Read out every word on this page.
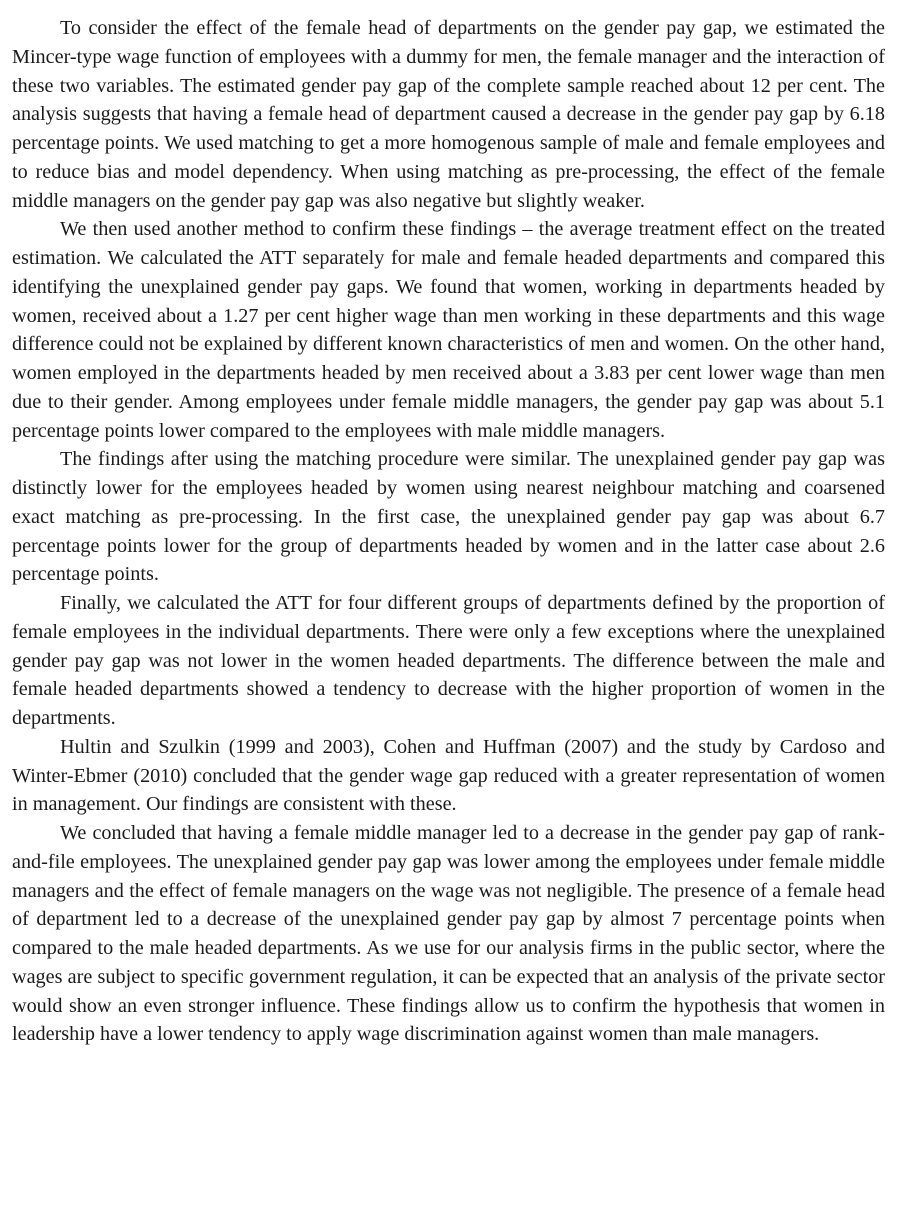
To consider the effect of the female head of departments on the gender pay gap, we estimated the Mincer-type wage function of employees with a dummy for men, the female manager and the interaction of these two variables. The estimated gender pay gap of the complete sample reached about 12 per cent. The analysis suggests that having a female head of department caused a decrease in the gender pay gap by 6.18 percentage points. We used matching to get a more homogenous sample of male and female employees and to reduce bias and model dependency. When using matching as pre-processing, the effect of the female middle managers on the gender pay gap was also negative but slightly weaker.

We then used another method to confirm these findings – the average treatment effect on the treated estimation. We calculated the ATT separately for male and female headed departments and compared this identifying the unexplained gender pay gaps. We found that women, working in departments headed by women, received about a 1.27 per cent higher wage than men working in these departments and this wage difference could not be explained by different known characteristics of men and women. On the other hand, women employed in the departments headed by men received about a 3.83 per cent lower wage than men due to their gender. Among employees under female middle managers, the gender pay gap was about 5.1 percentage points lower compared to the employees with male middle managers.

The findings after using the matching procedure were similar. The unexplained gender pay gap was distinctly lower for the employees headed by women using nearest neighbour matching and coarsened exact matching as pre-processing. In the first case, the unexplained gender pay gap was about 6.7 percentage points lower for the group of departments headed by women and in the latter case about 2.6 percentage points.

Finally, we calculated the ATT for four different groups of departments defined by the proportion of female employees in the individual departments. There were only a few exceptions where the unexplained gender pay gap was not lower in the women headed departments. The difference between the male and female headed departments showed a tendency to decrease with the higher proportion of women in the departments.

Hultin and Szulkin (1999 and 2003), Cohen and Huffman (2007) and the study by Cardoso and Winter-Ebmer (2010) concluded that the gender wage gap reduced with a greater representation of women in management. Our findings are consistent with these.

We concluded that having a female middle manager led to a decrease in the gender pay gap of rank-and-file employees. The unexplained gender pay gap was lower among the employees under female middle managers and the effect of female managers on the wage was not negligible. The presence of a female head of department led to a decrease of the unexplained gender pay gap by almost 7 percentage points when compared to the male headed departments. As we use for our analysis firms in the public sector, where the wages are subject to specific government regulation, it can be expected that an analysis of the private sector would show an even stronger influence. These findings allow us to confirm the hypothesis that women in leadership have a lower tendency to apply wage discrimination against women than male managers.
